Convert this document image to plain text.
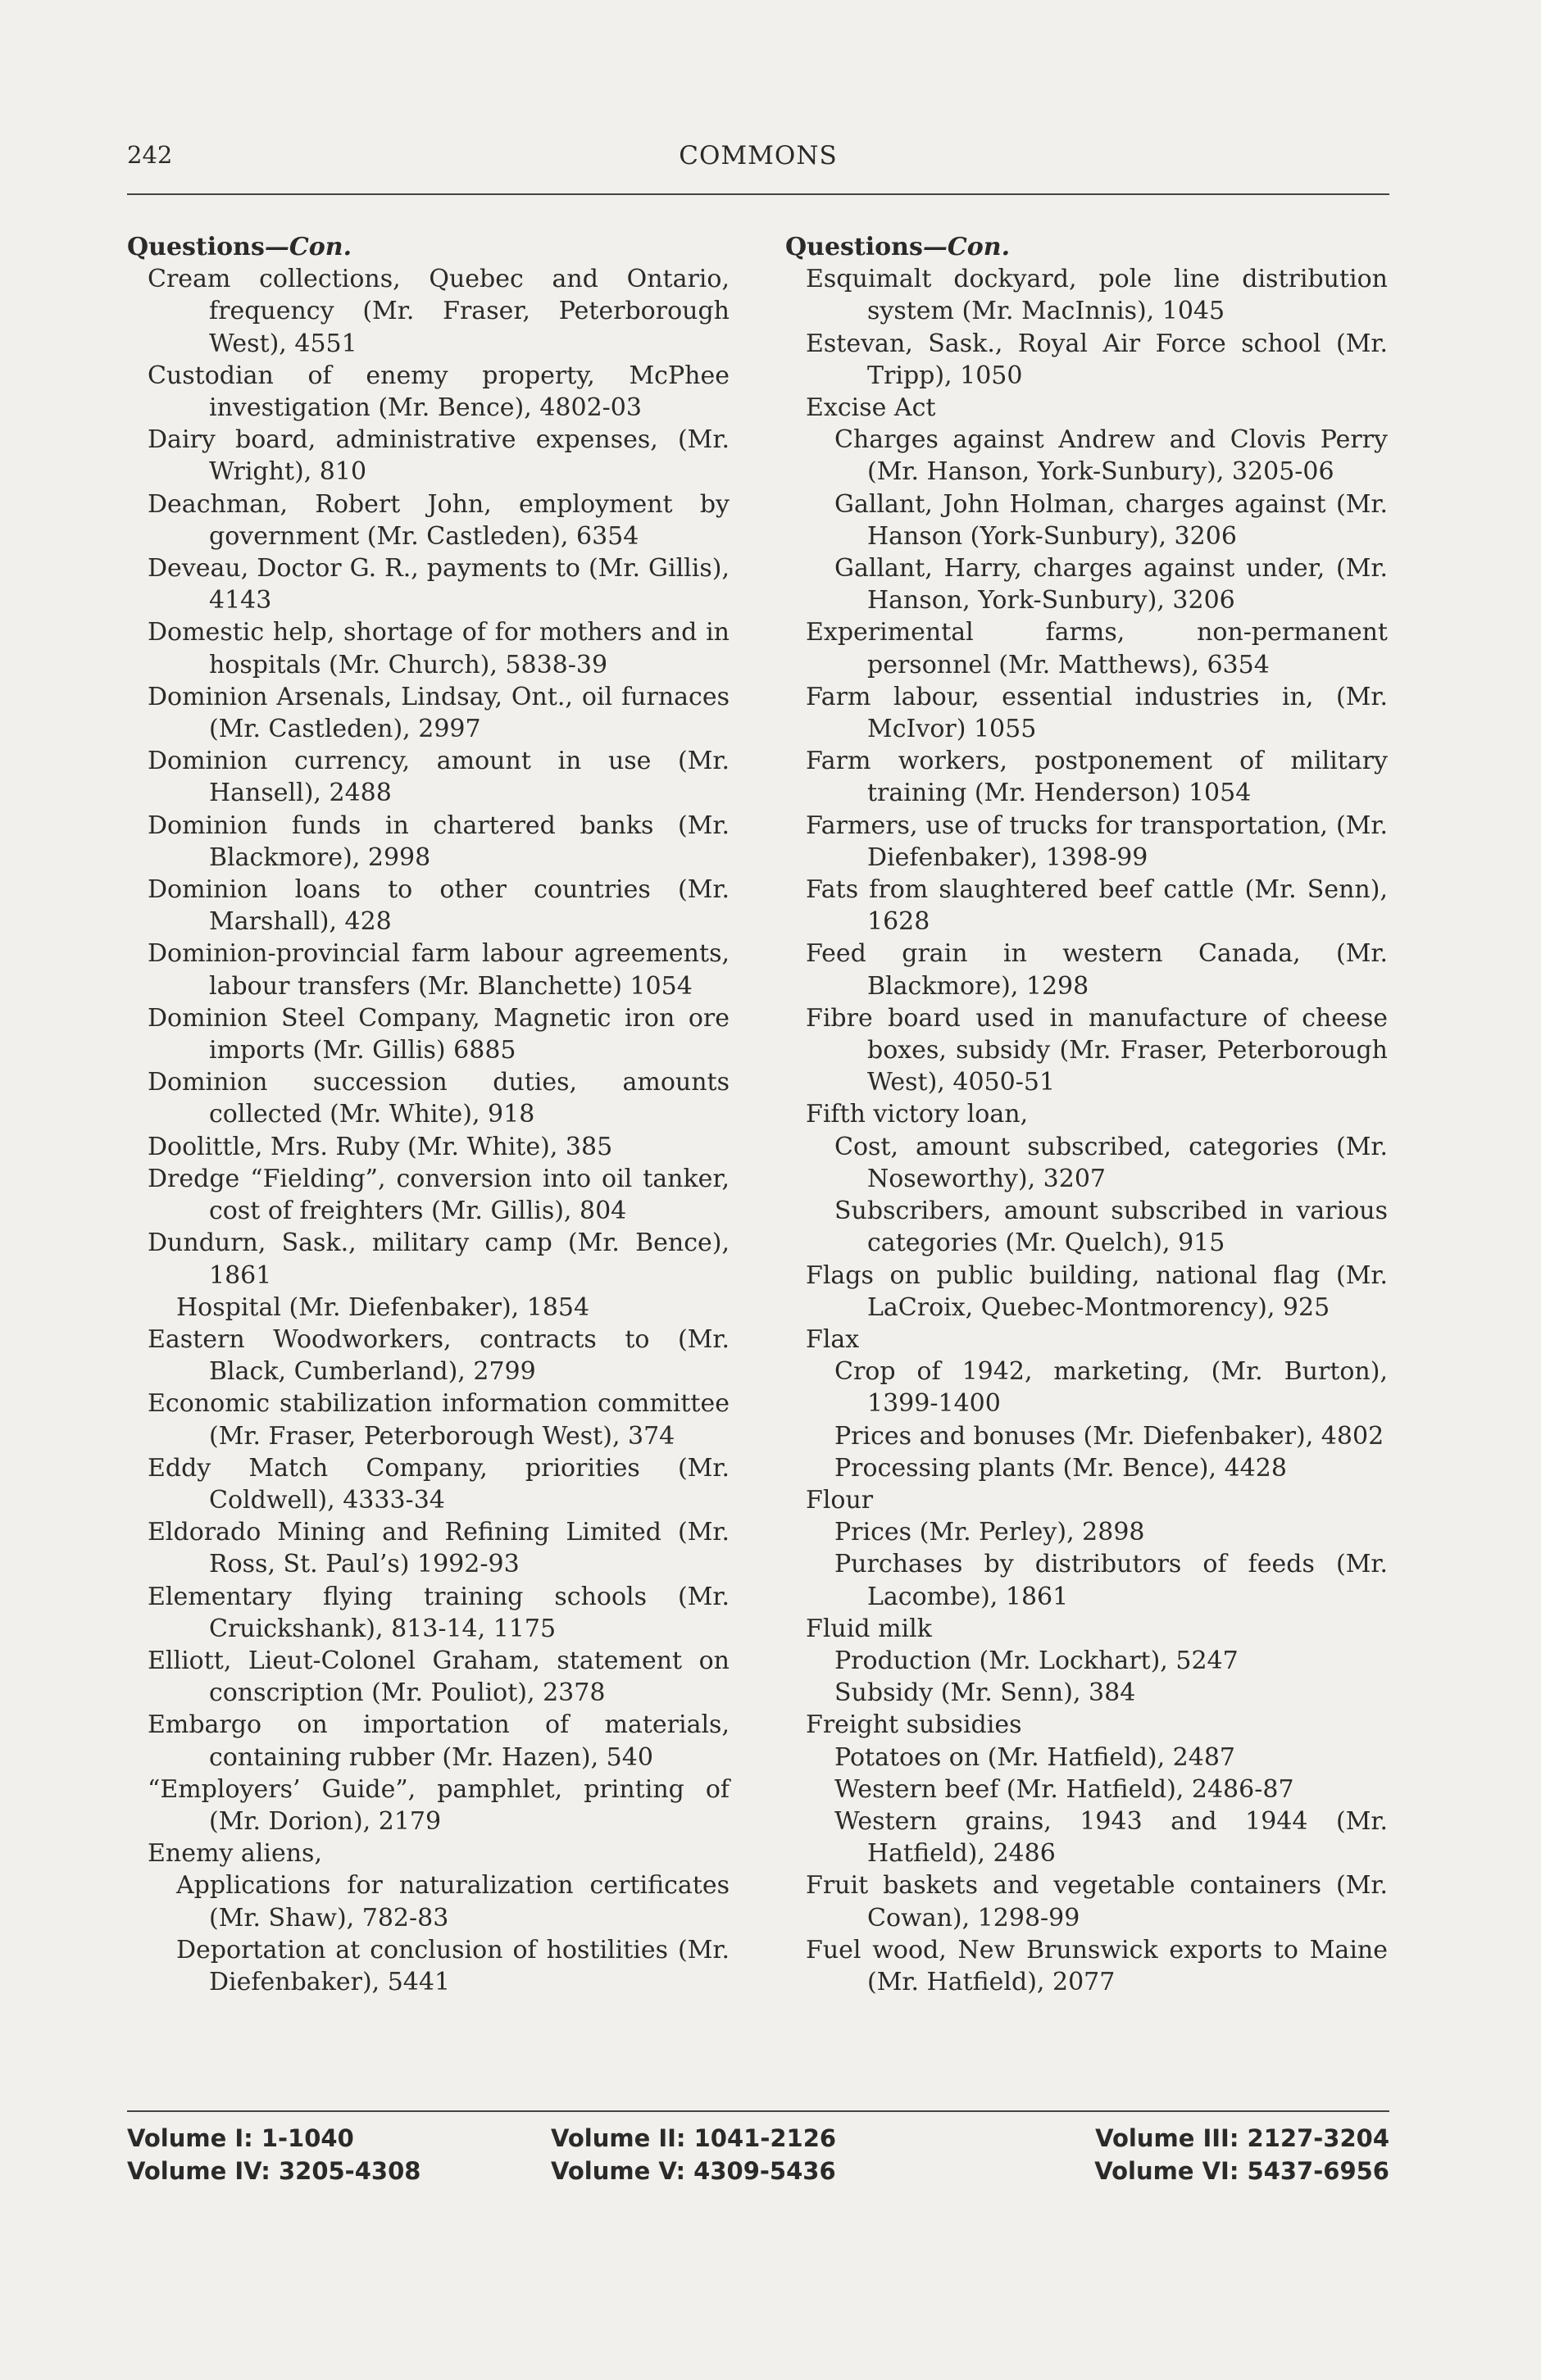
242	COMMONS
Questions—Con.
Cream collections, Quebec and Ontario, frequency (Mr. Fraser, Peterborough West), 4551
Custodian of enemy property, McPhee investigation (Mr. Bence), 4802-03
Dairy board, administrative expenses, (Mr. Wright), 810
Deachman, Robert John, employment by government (Mr. Castleden), 6354
Deveau, Doctor G. R., payments to (Mr. Gillis), 4143
Domestic help, shortage of for mothers and in hospitals (Mr. Church), 5838-39
Dominion Arsenals, Lindsay, Ont., oil furnaces (Mr. Castleden), 2997
Dominion currency, amount in use (Mr. Hansell), 2488
Dominion funds in chartered banks (Mr. Blackmore), 2998
Dominion loans to other countries (Mr. Marshall), 428
Dominion-provincial farm labour agreements, labour transfers (Mr. Blanchette) 1054
Dominion Steel Company, Magnetic iron ore imports (Mr. Gillis) 6885
Dominion succession duties, amounts collected (Mr. White), 918
Doolittle, Mrs. Ruby (Mr. White), 385
Dredge “Fielding”, conversion into oil tanker, cost of freighters (Mr. Gillis), 804
Dundurn, Sask., military camp (Mr. Bence), 1861
Hospital (Mr. Diefenbaker), 1854
Eastern Woodworkers, contracts to (Mr. Black, Cumberland), 2799
Economic stabilization information committee (Mr. Fraser, Peterborough West), 374
Eddy Match Company, priorities (Mr. Coldwell), 4333-34
Eldorado Mining and Refining Limited (Mr. Ross, St. Paul’s) 1992-93
Elementary flying training schools (Mr. Cruickshank), 813-14, 1175
Elliott, Lieut-Colonel Graham, statement on conscription (Mr. Pouliot), 2378
Embargo on importation of materials, containing rubber (Mr. Hazen), 540
“Employers’ Guide”, pamphlet, printing of (Mr. Dorion), 2179
Enemy aliens,
Applications for naturalization certificates (Mr. Shaw), 782-83
Deportation at conclusion of hostilities (Mr. Diefenbaker), 5441
Questions—Con.
Esquimalt dockyard, pole line distribution system (Mr. MacInnis), 1045
Estevan, Sask., Royal Air Force school (Mr. Tripp), 1050
Excise Act
Charges against Andrew and Clovis Perry (Mr. Hanson, York-Sunbury), 3205-06
Gallant, John Holman, charges against (Mr. Hanson (York-Sunbury), 3206
Gallant, Harry, charges against under, (Mr. Hanson, York-Sunbury), 3206
Experimental farms, non-permanent personnel (Mr. Matthews), 6354
Farm labour, essential industries in, (Mr. McIvor) 1055
Farm workers, postponement of military training (Mr. Henderson) 1054
Farmers, use of trucks for transportation, (Mr. Diefenbaker), 1398-99
Fats from slaughtered beef cattle (Mr. Senn), 1628
Feed grain in western Canada, (Mr. Blackmore), 1298
Fibre board used in manufacture of cheese boxes, subsidy (Mr. Fraser, Peterborough West), 4050-51
Fifth victory loan,
Cost, amount subscribed, categories (Mr. Noseworthy), 3207
Subscribers, amount subscribed in various categories (Mr. Quelch), 915
Flags on public building, national flag (Mr. LaCroix, Quebec-Montmorency), 925
Flax
Crop of 1942, marketing, (Mr. Burton), 1399-1400
Prices and bonuses (Mr. Diefenbaker), 4802
Processing plants (Mr. Bence), 4428
Flour
Prices (Mr. Perley), 2898
Purchases by distributors of feeds (Mr. Lacombe), 1861
Fluid milk
Production (Mr. Lockhart), 5247
Subsidy (Mr. Senn), 384
Freight subsidies
Potatoes on (Mr. Hatfield), 2487
Western beef (Mr. Hatfield), 2486-87
Western grains, 1943 and 1944 (Mr. Hatfield), 2486
Fruit baskets and vegetable containers (Mr. Cowan), 1298-99
Fuel wood, New Brunswick exports to Maine (Mr. Hatfield), 2077
Volume I: 1-1040	Volume II: 1041-2126	Volume III: 2127-3204
Volume IV: 3205-4308	Volume V: 4309-5436	Volume VI: 5437-6956
